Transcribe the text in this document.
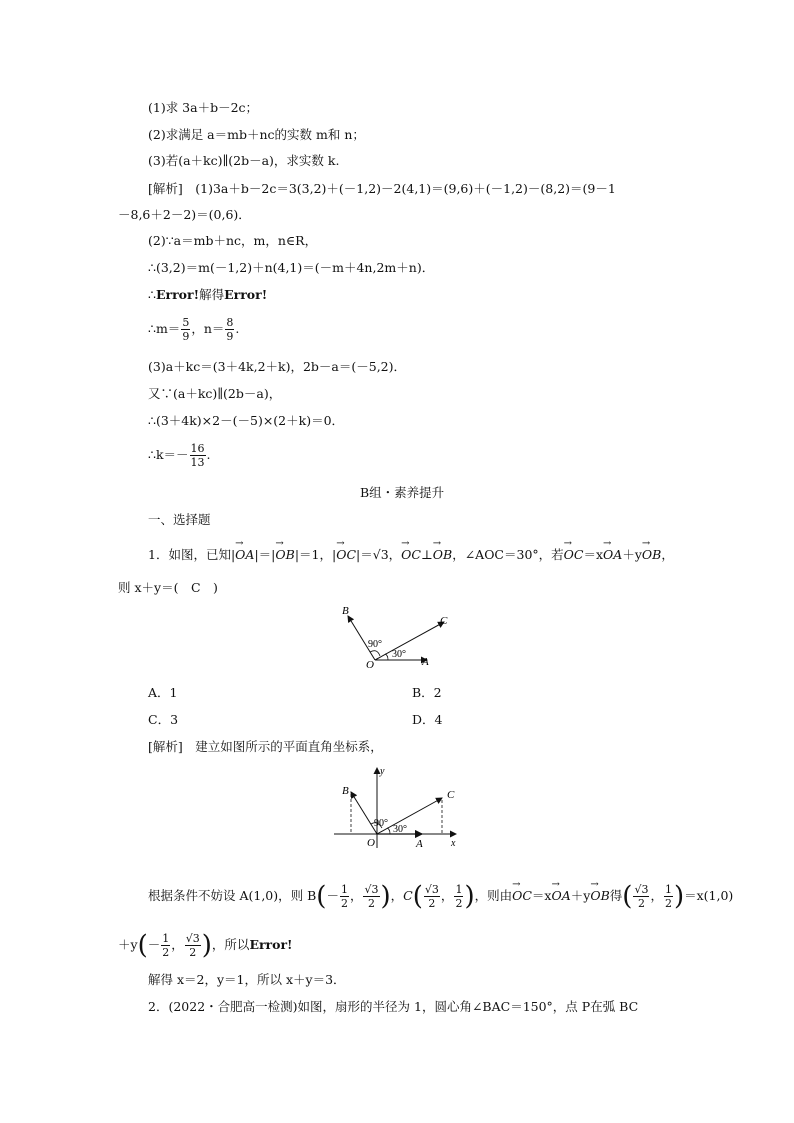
(1)求 3a＋b－2c；
(2)求满足 a＝mb＋nc的实数 m和 n；
(3)若(a＋kc)∥(2b－a)，求实数 k.
[解析]　(1)3a＋b－2c＝3(3,2)＋(－1,2)－2(4,1)＝(9,6)＋(－1,2)－(8,2)＝(9－1
－8,6＋2－2)＝(0,6)．
(2)∵a＝mb＋nc，m，n∈R，
∴(3,2)＝m(－1,2)＋n(4,1)＝(－m＋4n,2m＋n)．
∴Error!解得Error!
∴m＝ $\frac{5}{9}$ ，$n= \frac{8}{9}$ .
(3)a＋kc＝(3＋4k,2＋k)，2b－a＝(－5,2)．
又∵(a＋kc)∥(2b－a)，
∴(3＋4k)×2－(－5)×(2＋k)＝0．
∴k＝－ $\frac{16}{13}$ .
B组・素养提升
一、选择题
1．如图，已知|→ OA|＝|→ OB|＝1，|→ OC|＝√3，→ OC⊥→ OB，∠AOC＝30°，若→ OC＝x→ OA＋y→ OB，
则 x＋y＝(　C　)
B
C
O	A
90°
30°
A．1	B．2
C．3	D．4
[解析]　建立如图所示的平面直角坐标系，
y
x
B	C
O	A
90°
30°
根据条件不妨设 A(1,0)，则 $B(- \frac{1}{2}$ ， $\frac{√3}{2}$ )，$C( \frac{√3}{2}$ ， $\frac{1}{2}$ )，则由→ OC＝x→ OA＋y→ OB得( $\frac{√3}{2}$ ， $\frac{1}{2} )=x(1,0)$
$+y(- \frac{1}{2}$ ， $\frac{√3}{2}$ )，所以Error!
解得 x＝2，y＝1，所以 x＋y＝3．
2．(2022・合肥高一检测)如图，扇形的半径为 1，圆心角∠BAC＝150°，点 P在弧 BC
